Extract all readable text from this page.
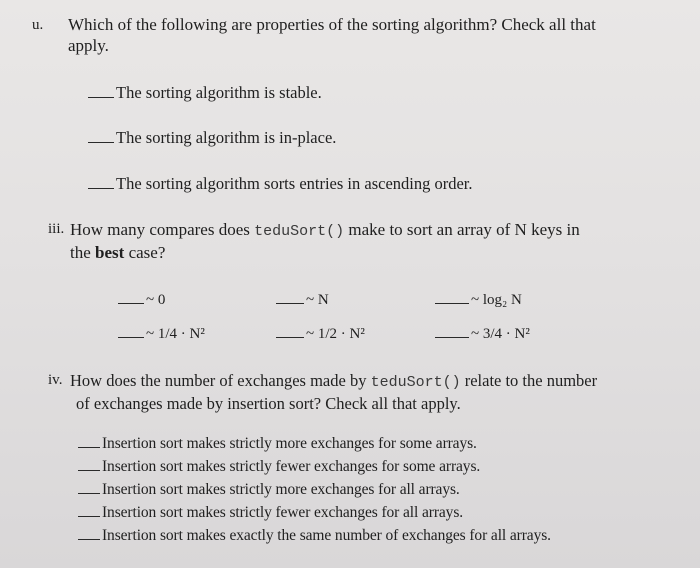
u. Which of the following are properties of the sorting algorithm? Check all that
apply.
The sorting algorithm is stable.
The sorting algorithm is in-place.
The sorting algorithm sorts entries in ascending order.
iii. How many compares does teduSort() make to sort an array of N keys in
the best case?
~ 0	~ N	~ log₂ N
~ 1/4 · N²	~ 1/2 · N²	~ 3/4 · N²
iv. How does the number of exchanges made by teduSort() relate to the number
of exchanges made by insertion sort? Check all that apply.
Insertion sort makes strictly more exchanges for some arrays.
Insertion sort makes strictly fewer exchanges for some arrays.
Insertion sort makes strictly more exchanges for all arrays.
Insertion sort makes strictly fewer exchanges for all arrays.
Insertion sort makes exactly the same number of exchanges for all arrays.
